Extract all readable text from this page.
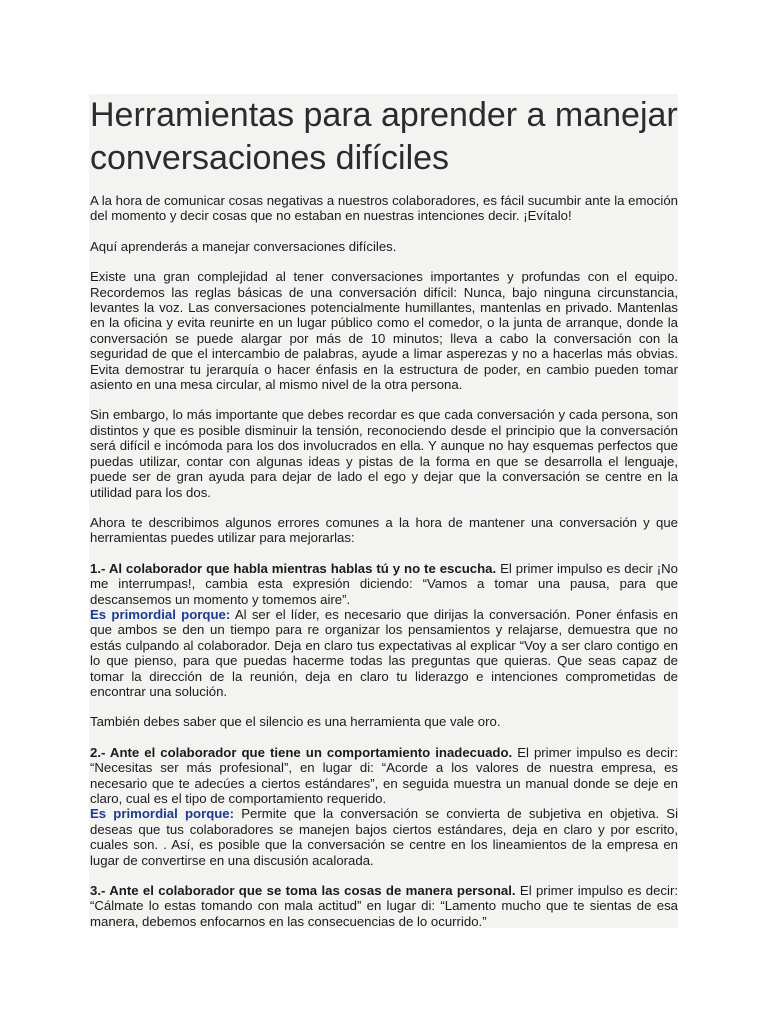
Herramientas para aprender a manejar conversaciones difíciles

A la hora de comunicar cosas negativas a nuestros colaboradores, es fácil sucumbir ante la emoción del momento y decir cosas que no estaban en nuestras intenciones decir. ¡Evítalo!

Aquí aprenderás a manejar conversaciones difíciles.

Existe una gran complejidad al tener conversaciones importantes y profundas con el equipo. Recordemos las reglas básicas de una conversación difícil: Nunca, bajo ninguna circunstancia, levantes la voz. Las conversaciones potencialmente humillantes, mantenlas en privado. Mantenlas en la oficina y evita reunirte en un lugar público como el comedor, o la junta de arranque, donde la conversación se puede alargar por más de 10 minutos; lleva a cabo la conversación con la seguridad de que el intercambio de palabras, ayude a limar asperezas y no a hacerlas más obvias. Evita demostrar tu jerarquía o hacer énfasis en la estructura de poder, en cambio pueden tomar asiento en una mesa circular, al mismo nivel de la otra persona.

Sin embargo, lo más importante que debes recordar es que cada conversación y cada persona, son distintos y que es posible disminuir la tensión, reconociendo desde el principio que la conversación será difícil e incómoda para los dos involucrados en ella. Y aunque no hay esquemas perfectos que puedas utilizar, contar con algunas ideas y pistas de la forma en que se desarrolla el lenguaje, puede ser de gran ayuda para dejar de lado el ego y dejar que la conversación se centre en la utilidad para los dos.

Ahora te describimos algunos errores comunes a la hora de mantener una conversación y que herramientas puedes utilizar para mejorarlas:

1.- Al colaborador que habla mientras hablas tú y no te escucha. El primer impulso es decir ¡No me interrumpas!, cambia esta expresión diciendo: “Vamos a tomar una pausa, para que descansemos un momento y tomemos aire”.

Es primordial porque: Al ser el líder, es necesario que dirijas la conversación. Poner énfasis en que ambos se den un tiempo para re organizar los pensamientos y relajarse, demuestra que no estás culpando al colaborador. Deja en claro tus expectativas al explicar “Voy a ser claro contigo en lo que pienso, para que puedas hacerme todas las preguntas que quieras. Que seas capaz de tomar la dirección de la reunión, deja en claro tu liderazgo e intenciones comprometidas de encontrar una solución.

También debes saber que el silencio es una herramienta que vale oro.

2.- Ante el colaborador que tiene un comportamiento inadecuado. El primer impulso es decir: “Necesitas ser más profesional”, en lugar di: “Acorde a los valores de nuestra empresa, es necesario que te adecúes a ciertos estándares”, en seguida muestra un manual donde se deje en claro, cual es el tipo de comportamiento requerido.

Es primordial porque: Permite que la conversación se convierta de subjetiva en objetiva. Si deseas que tus colaboradores se manejen bajos ciertos estándares, deja en claro y por escrito, cuales son. . Así, es posible que la conversación se centre en los lineamientos de la empresa en lugar de convertirse en una discusión acalorada.

3.- Ante el colaborador que se toma las cosas de manera personal. El primer impulso es decir: “Cálmate lo estas tomando con mala actitud” en lugar di: “Lamento mucho que te sientas de esa manera, debemos enfocarnos en las consecuencias de lo ocurrido.”
